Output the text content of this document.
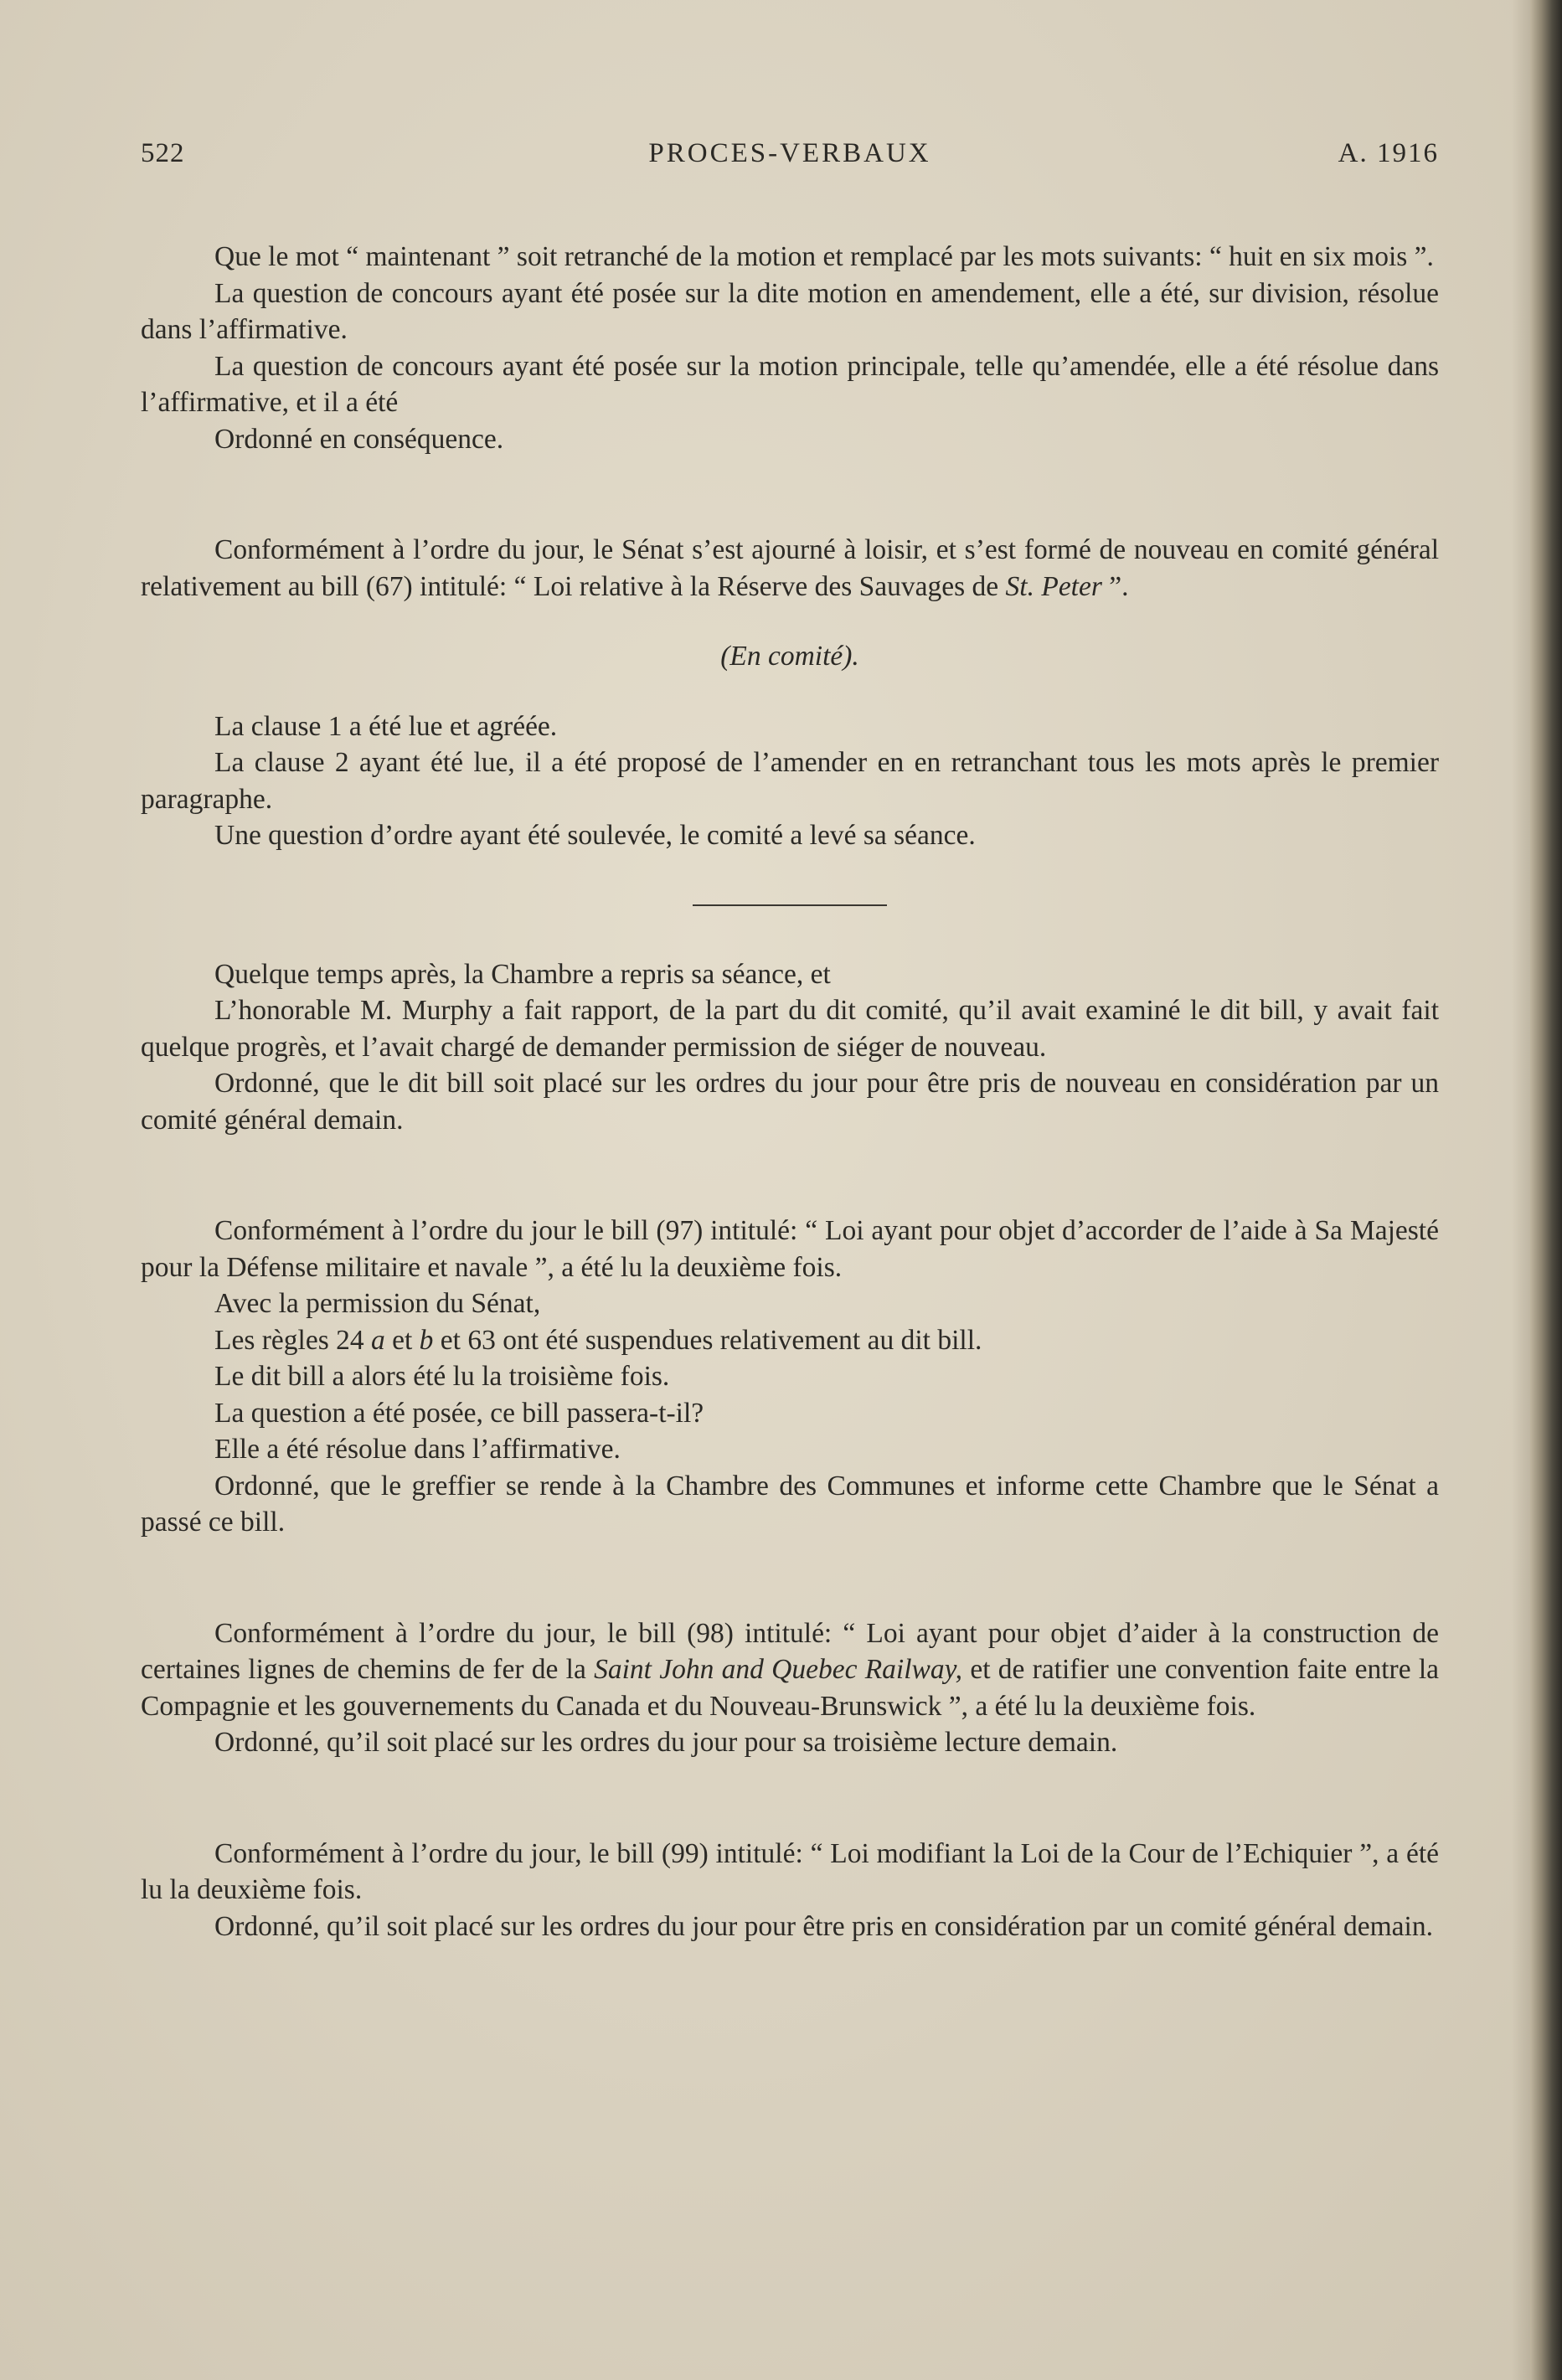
522	PROCES-VERBAUX	A. 1916

Que le mot “ maintenant ” soit retranché de la motion et remplacé par les mots suivants: “ huit en six mois ”.

La question de concours ayant été posée sur la dite motion en amendement, elle a été, sur division, résolue dans l’affirmative.

La question de concours ayant été posée sur la motion principale, telle qu’amendée, elle a été résolue dans l’affirmative, et il a été

Ordonné en conséquence.

Conformément à l’ordre du jour, le Sénat s’est ajourné à loisir, et s’est formé de nouveau en comité général relativement au bill (67) intitulé: “ Loi relative à la Réserve des Sauvages de St. Peter ”.

(En comité).

La clause 1 a été lue et agréée.

La clause 2 ayant été lue, il a été proposé de l’amender en en retranchant tous les mots après le premier paragraphe.

Une question d’ordre ayant été soulevée, le comité a levé sa séance.

Quelque temps après, la Chambre a repris sa séance, et

L’honorable M. Murphy a fait rapport, de la part du dit comité, qu’il avait examiné le dit bill, y avait fait quelque progrès, et l’avait chargé de demander permission de siéger de nouveau.

Ordonné, que le dit bill soit placé sur les ordres du jour pour être pris de nouveau en considération par un comité général demain.

Conformément à l’ordre du jour le bill (97) intitulé: “ Loi ayant pour objet d’accorder de l’aide à Sa Majesté pour la Défense militaire et navale ”, a été lu la deuxième fois.

Avec la permission du Sénat,

Les règles 24 a et b et 63 ont été suspendues relativement au dit bill.

Le dit bill a alors été lu la troisième fois.

La question a été posée, ce bill passera-t-il?

Elle a été résolue dans l’affirmative.

Ordonné, que le greffier se rende à la Chambre des Communes et informe cette Chambre que le Sénat a passé ce bill.

Conformément à l’ordre du jour, le bill (98) intitulé: “ Loi ayant pour objet d’aider à la construction de certaines lignes de chemins de fer de la Saint John and Quebec Railway, et de ratifier une convention faite entre la Compagnie et les gouvernements du Canada et du Nouveau-Brunswick ”, a été lu la deuxième fois.

Ordonné, qu’il soit placé sur les ordres du jour pour sa troisième lecture demain.

Conformément à l’ordre du jour, le bill (99) intitulé: “ Loi modifiant la Loi de la Cour de l’Echiquier ”, a été lu la deuxième fois.

Ordonné, qu’il soit placé sur les ordres du jour pour être pris en considération par un comité général demain.
